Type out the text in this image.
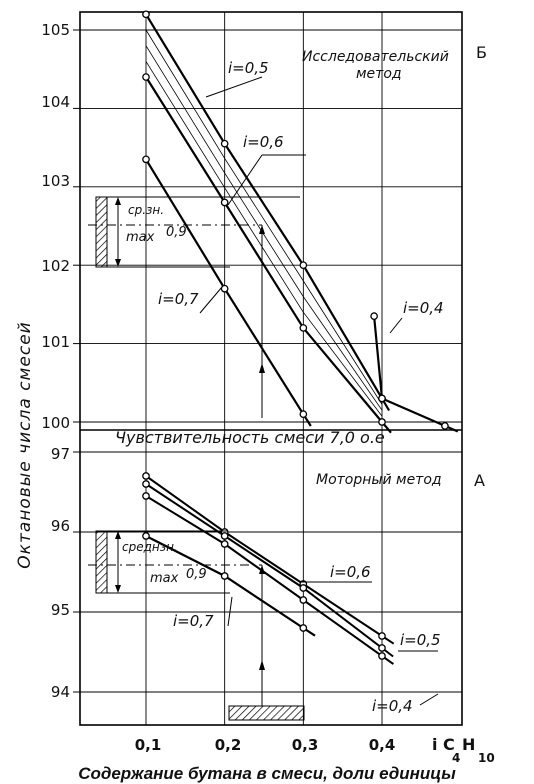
105
104
103
102
101
100
97
96
95
94
0,1	0,2	0,3	0,4 i C
4
H
10
Б
А
Исследовательский
метод
Моторный метод
Чувствительность смеси 7,0 о.е
i=0,5
i=0,6
i=0,7	i=0,4
i=0,6
i=0,7
i=0,5
i=0,4
ср.зн.
max 0,9
среднзн.
max 0,9
Октановые числа смесей
Содержание бутана в смеси, доли единицы
